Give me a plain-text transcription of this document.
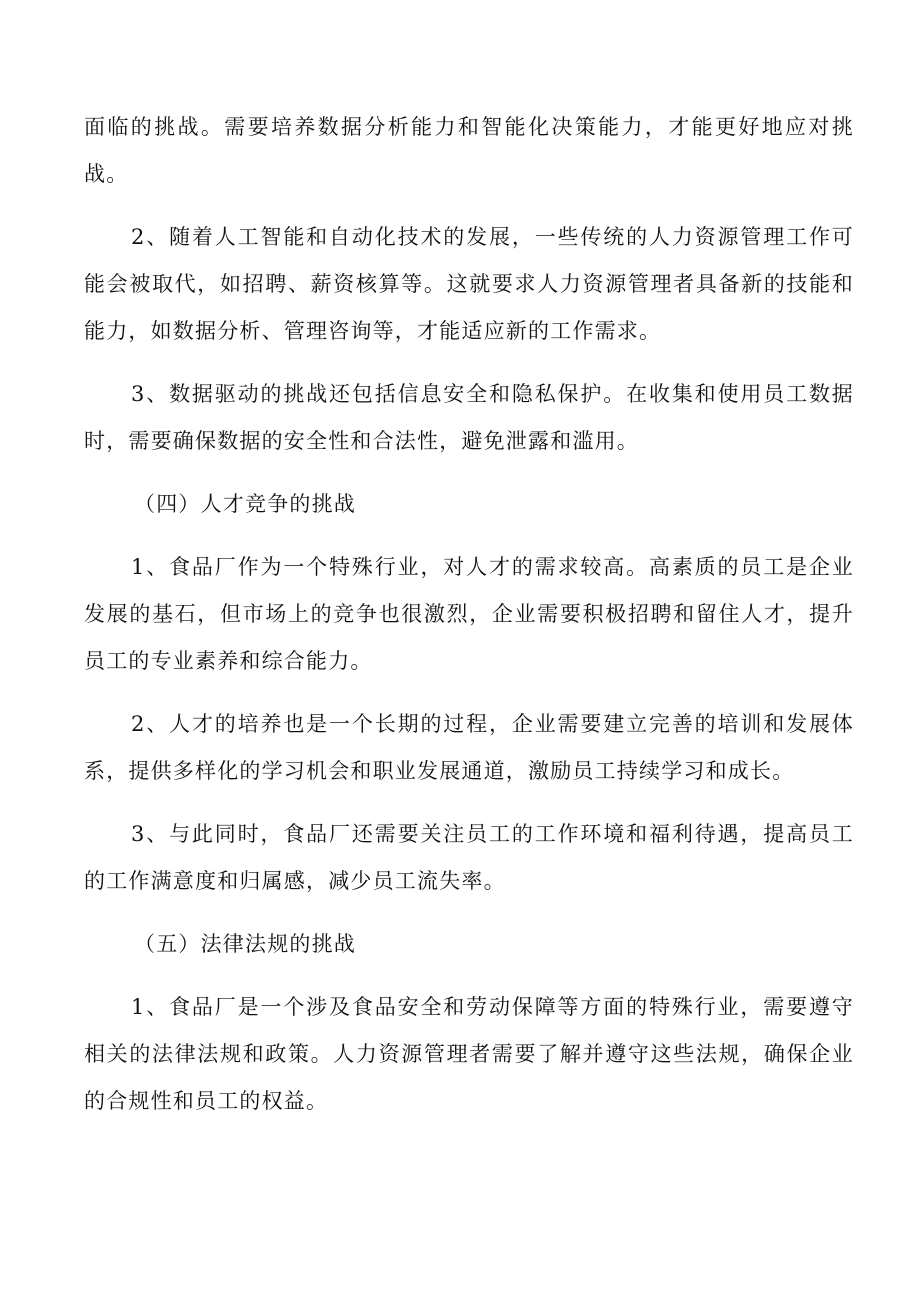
面临的挑战。需要培养数据分析能力和智能化决策能力，才能更好地应对挑战。

2、随着人工智能和自动化技术的发展，一些传统的人力资源管理工作可能会被取代，如招聘、薪资核算等。这就要求人力资源管理者具备新的技能和能力，如数据分析、管理咨询等，才能适应新的工作需求。

3、数据驱动的挑战还包括信息安全和隐私保护。在收集和使用员工数据时，需要确保数据的安全性和合法性，避免泄露和滥用。

（四）人才竞争的挑战

1、食品厂作为一个特殊行业，对人才的需求较高。高素质的员工是企业发展的基石，但市场上的竞争也很激烈，企业需要积极招聘和留住人才，提升员工的专业素养和综合能力。

2、人才的培养也是一个长期的过程，企业需要建立完善的培训和发展体系，提供多样化的学习机会和职业发展通道，激励员工持续学习和成长。

3、与此同时，食品厂还需要关注员工的工作环境和福利待遇，提高员工的工作满意度和归属感，减少员工流失率。

（五）法律法规的挑战

1、食品厂是一个涉及食品安全和劳动保障等方面的特殊行业，需要遵守相关的法律法规和政策。人力资源管理者需要了解并遵守这些法规，确保企业的合规性和员工的权益。
